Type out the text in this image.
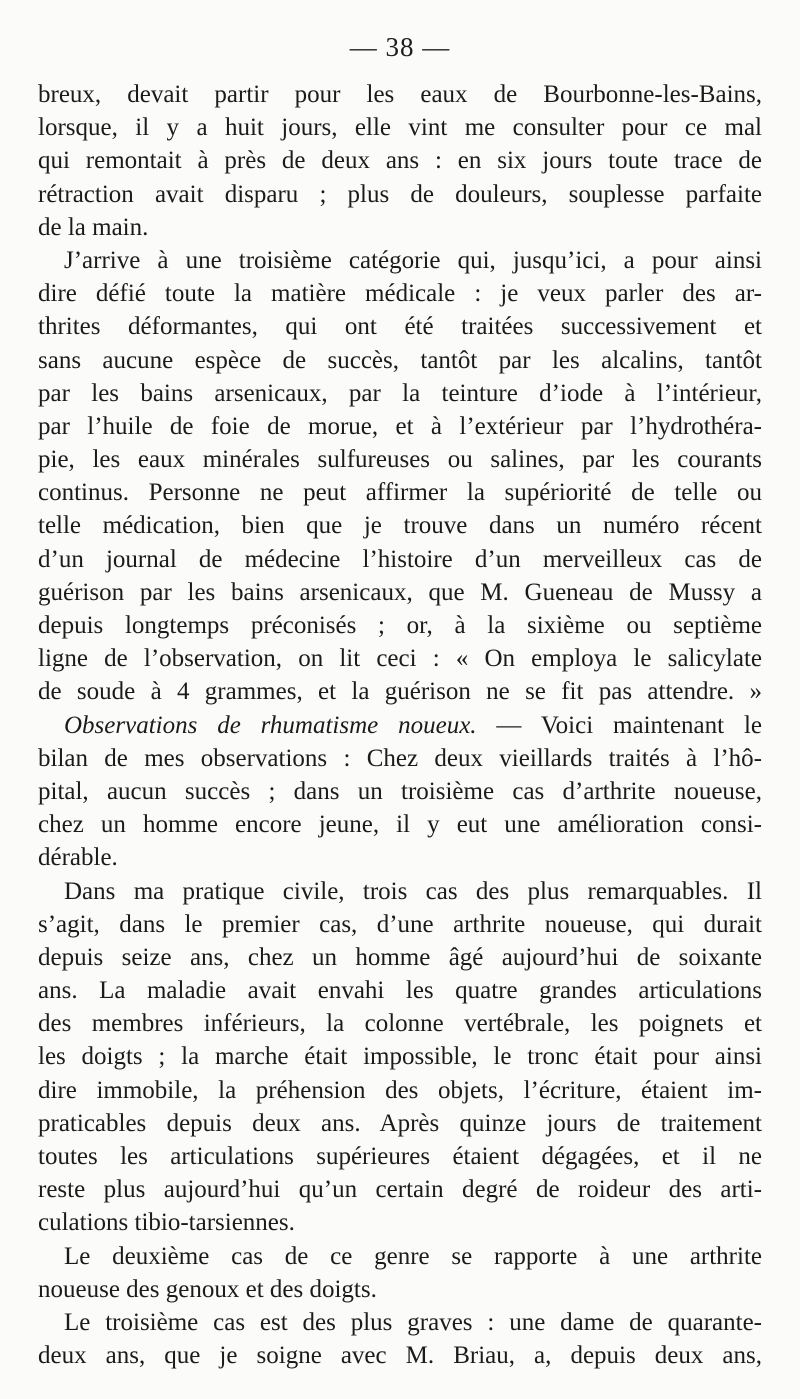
— 38 —
breux, devait partir pour les eaux de Bourbonne-les-Bains,
lorsque, il y a huit jours, elle vint me consulter pour ce mal
qui remontait à près de deux ans : en six jours toute trace de
rétraction avait disparu ; plus de douleurs, souplesse parfaite
de la main.
J’arrive à une troisième catégorie qui, jusqu’ici, a pour ainsi
dire défié toute la matière médicale : je veux parler des ar-
thrites déformantes, qui ont été traitées successivement et
sans aucune espèce de succès, tantôt par les alcalins, tantôt
par les bains arsenicaux, par la teinture d’iode à l’intérieur,
par l’huile de foie de morue, et à l’extérieur par l’hydrothéra-
pie, les eaux minérales sulfureuses ou salines, par les courants
continus. Personne ne peut affirmer la supériorité de telle ou
telle médication, bien que je trouve dans un numéro récent
d’un journal de médecine l’histoire d’un merveilleux cas de
guérison par les bains arsenicaux, que M. Gueneau de Mussy a
depuis longtemps préconisés ; or, à la sixième ou septième
ligne de l’observation, on lit ceci : « On employa le salicylate
de soude à 4 grammes, et la guérison ne se fit pas attendre. »
Observations de rhumatisme noueux. — Voici maintenant le
bilan de mes observations : Chez deux vieillards traités à l’hô-
pital, aucun succès ; dans un troisième cas d’arthrite noueuse,
chez un homme encore jeune, il y eut une amélioration consi-
dérable.
Dans ma pratique civile, trois cas des plus remarquables. Il
s’agit, dans le premier cas, d’une arthrite noueuse, qui durait
depuis seize ans, chez un homme âgé aujourd’hui de soixante
ans. La maladie avait envahi les quatre grandes articulations
des membres inférieurs, la colonne vertébrale, les poignets et
les doigts ; la marche était impossible, le tronc était pour ainsi
dire immobile, la préhension des objets, l’écriture, étaient im-
praticables depuis deux ans. Après quinze jours de traitement
toutes les articulations supérieures étaient dégagées, et il ne
reste plus aujourd’hui qu’un certain degré de roideur des arti-
culations tibio-tarsiennes.
Le deuxième cas de ce genre se rapporte à une arthrite
noueuse des genoux et des doigts.
Le troisième cas est des plus graves : une dame de quarante-
deux ans, que je soigne avec M. Briau, a, depuis deux ans,
